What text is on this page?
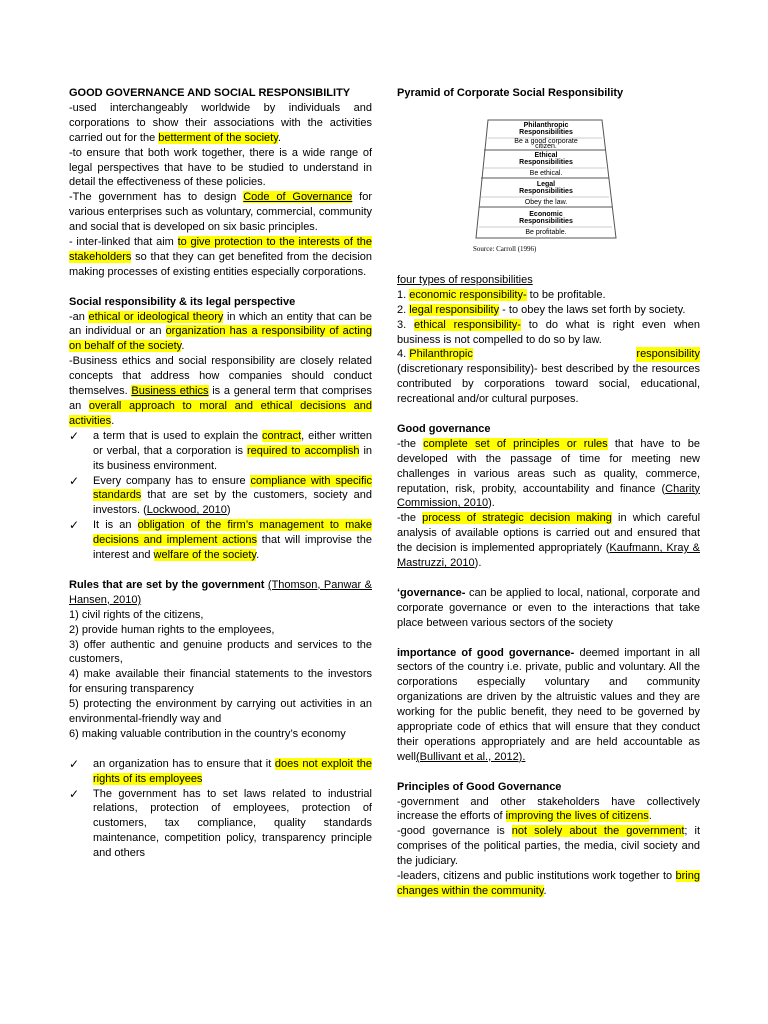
GOOD GOVERNANCE AND SOCIAL RESPONSIBILITY

-used interchangeably worldwide by individuals and corporations to show their associations with the activities carried out for the betterment of the society.

-to ensure that both work together, there is a wide range of legal perspectives that have to be studied to understand in detail the effectiveness of these policies.

-The government has to design Code of Governance for various enterprises such as voluntary, commercial, community and social that is developed on six basic principles.

- inter-linked that aim to give protection to the interests of the stakeholders so that they can get benefited from the decision making processes of existing entities especially corporations.

Social responsibility & its legal perspective

-an ethical or ideological theory in which an entity that can be an individual or an organization has a responsibility of acting on behalf of the society.

-Business ethics and social responsibility are closely related concepts that address how companies should conduct themselves. Business ethics is a general term that comprises an overall approach to moral and ethical decisions and activities.

✓	a term that is used to explain the contract, either written or verbal, that a corporation is required to accomplish in its business environment.
✓	Every company has to ensure compliance with specific standards that are set by the customers, society and investors. (Lockwood, 2010)
✓	It is an obligation of the firm’s management to make decisions and implement actions that will improvise the interest and welfare of the society.

Rules that are set by the government (Thomson, Panwar & Hansen, 2010)

1) civil rights of the citizens,

2) provide human rights to the employees,

3) offer authentic and genuine products and services to the customers,

4) make available their financial statements to the investors for ensuring transparency

5) protecting the environment by carrying out activities in an environmental-friendly way and

6) making valuable contribution in the country’s economy

✓	an organization has to ensure that it does not exploit the rights of its employees
✓	The government has to set laws related to industrial relations, protection of employees, protection of customers, tax compliance, quality standards maintenance, competition policy, transparency principle and others

Pyramid of Corporate Social Responsibility

Philanthropic
Responsibilities
Be a good corporate
citizen.
Ethical
Responsibilities
Be ethical.
Legal
Responsibilities
Obey the law.
Economic
Responsibilities
Be profitable.
Source: Carroll (1996)

four types of responsibilities

1. economic responsibility- to be profitable.

2. legal responsibility - to obey the laws set forth by society.

3. ethical responsibility- to do what is right even when business is not compelled to do so by law.

4. Philanthropic	responsibility

(discretionary responsibility)- best described by the resources contributed by corporations toward social, educational, recreational and/or cultural purposes.

Good governance

-the complete set of principles or rules that have to be developed with the passage of time for meeting new challenges in various areas such as quality, commerce, reputation, risk, probity, accountability and finance (Charity Commission, 2010).

-the process of strategic decision making in which careful analysis of available options is carried out and ensured that the decision is implemented appropriately (Kaufmann, Kray & Mastruzzi, 2010).

‘governance- can be applied to local, national, corporate and corporate governance or even to the interactions that take place between various sectors of the society

importance of good governance- deemed important in all sectors of the country i.e. private, public and voluntary. All the corporations especially voluntary and community organizations are driven by the altruistic values and they are working for the public benefit, they need to be governed by appropriate code of ethics that will ensure that they conduct their operations appropriately and are held accountable as well(Bullivant et al., 2012).

Principles of Good Governance

-government and other stakeholders have collectively increase the efforts of improving the lives of citizens.

-good governance is not solely about the government; it comprises of the political parties, the media, civil society and the judiciary.

-leaders, citizens and public institutions work together to bring changes within the community.
